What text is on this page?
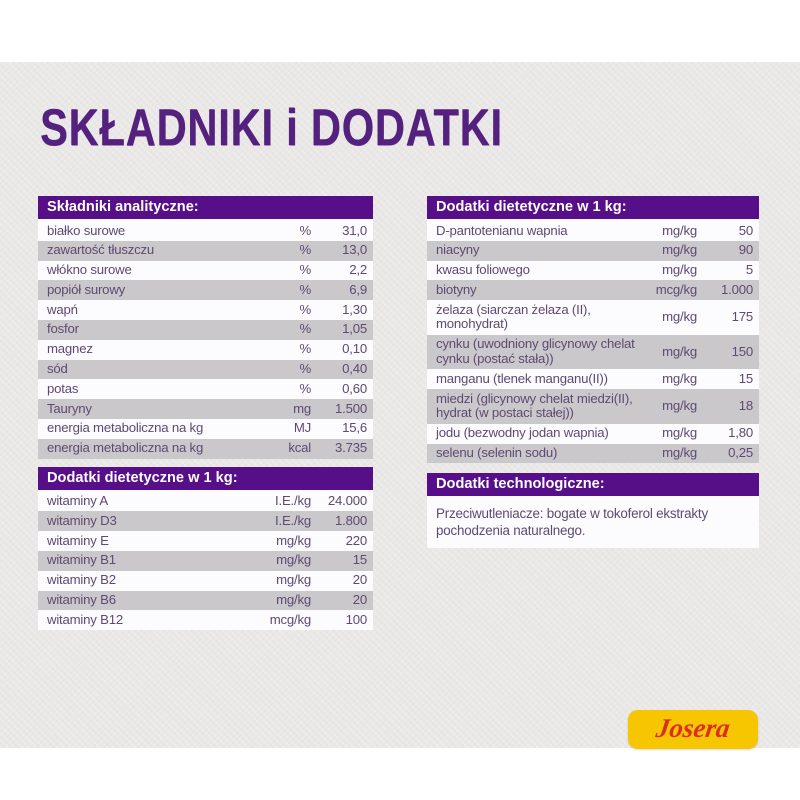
SKŁADNIKI i DODATKI
Składniki analityczne:
białko surowe	%	31,0
zawartość tłuszczu	%	13,0
włókno surowe	%	2,2
popiół surowy	%	6,9
wapń	%	1,30
fosfor	%	1,05
magnez	%	0,10
sód	%	0,40
potas	%	0,60
Tauryny	mg	1.500
energia metaboliczna na kg	MJ	15,6
energia metaboliczna na kg	kcal	3.735
Dodatki dietetyczne w 1 kg:
witaminy A	I.E./kg	24.000
witaminy D3	I.E./kg	1.800
witaminy E	mg/kg	220
witaminy B1	mg/kg	15
witaminy B2	mg/kg	20
witaminy B6	mg/kg	20
witaminy B12	mcg/kg	100
Dodatki dietetyczne w 1 kg:
D-pantotenianu wapnia	mg/kg	50
niacyny	mg/kg	90
kwasu foliowego	mg/kg	5
biotyny	mcg/kg	1.000
żelaza (siarczan żelaza (II), monohydrat)	mg/kg	175
cynku (uwodniony glicynowy chelat cynku (postać stała))	mg/kg	150
manganu (tlenek manganu(II))	mg/kg	15
miedzi (glicynowy chelat miedzi(II), hydrat (w postaci stałej))	mg/kg	18
jodu (bezwodny jodan wapnia)	mg/kg	1,80
selenu (selenin sodu)	mg/kg	0,25
Dodatki technologiczne:
Przeciwutleniacze: bogate w tokoferol ekstrakty pochodzenia naturalnego.
Josera
